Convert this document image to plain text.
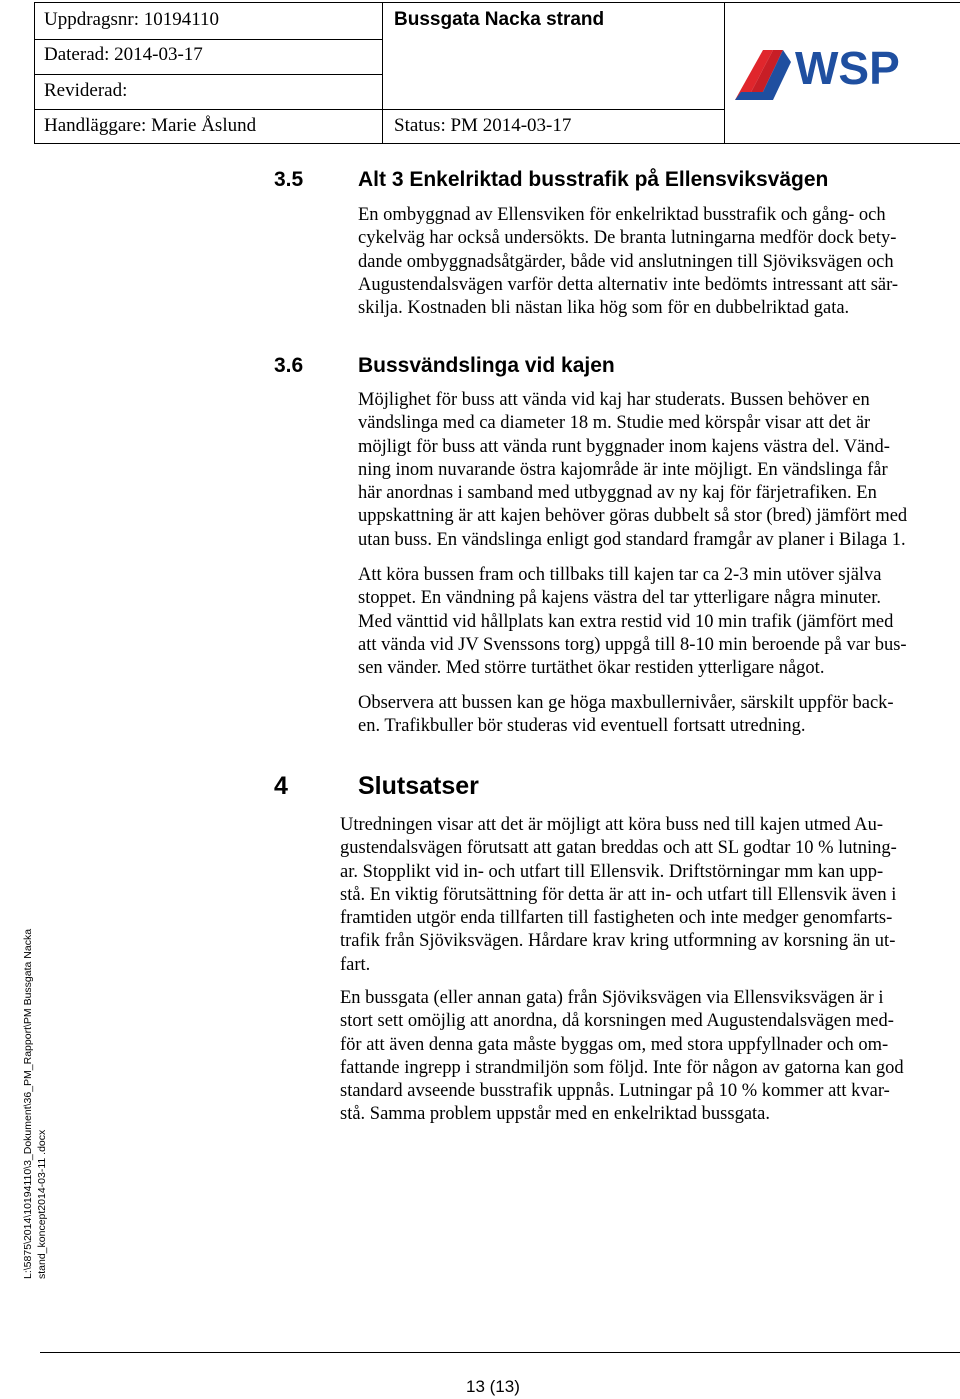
Uppdragsnr: 10194110	Bussgata Nacka strand
Daterad: 2014-03-17
Reviderad:
Handläggare: Marie Åslund	Status: PM 2014-03-17
WSP
3.5	Alt 3 Enkelriktad busstrafik på Ellensviksvägen
En ombyggnad av Ellensviken för enkelriktad busstrafik och gång- och
cykelväg har också undersökts. De branta lutningarna medför dock bety-
dande ombyggnadsåtgärder, både vid anslutningen till Sjöviksvägen och
Augustendalsvägen varför detta alternativ inte bedömts intressant att sär-
skilja. Kostnaden bli nästan lika hög som för en dubbelriktad gata.
3.6	Bussvändslinga vid kajen
Möjlighet för buss att vända vid kaj har studerats. Bussen behöver en
vändslinga med ca diameter 18 m. Studie med körspår visar att det är
möjligt för buss att vända runt byggnader inom kajens västra del. Vänd-
ning inom nuvarande östra kajområde är inte möjligt. En vändslinga får
här anordnas i samband med utbyggnad av ny kaj för färjetrafiken. En
uppskattning är att kajen behöver göras dubbelt så stor (bred) jämfört med
utan buss. En vändslinga enligt god standard framgår av planer i Bilaga 1.
Att köra bussen fram och tillbaks till kajen tar ca 2-3 min utöver själva
stoppet. En vändning på kajens västra del tar ytterligare några minuter.
Med vänttid vid hållplats kan extra restid vid 10 min trafik (jämfört med
att vända vid JV Svenssons torg) uppgå till 8-10 min beroende på var bus-
sen vänder. Med större turtäthet ökar restiden ytterligare något.
Observera att bussen kan ge höga maxbullernivåer, särskilt uppför back-
en. Trafikbuller bör studeras vid eventuell fortsatt utredning.
4	Slutsatser
Utredningen visar att det är möjligt att köra buss ned till kajen utmed Au-
gustendalsvägen förutsatt att gatan breddas och att SL godtar 10 % lutning-
ar. Stopplikt vid in- och utfart till Ellensvik. Driftstörningar mm kan upp-
stå. En viktig förutsättning för detta är att in- och utfart till Ellensvik även i
framtiden utgör enda tillfarten till fastigheten och inte medger genomfarts-
trafik från Sjöviksvägen. Hårdare krav kring utformning av korsning än ut-
fart.
En bussgata (eller annan gata) från Sjöviksvägen via Ellensviksvägen är i
stort sett omöjlig att anordna, då korsningen med Augustendalsvägen med-
för att även denna gata måste byggas om, med stora uppfyllnader och om-
fattande ingrepp i strandmiljön som följd. Inte för någon av gatorna kan god
standard avseende busstrafik uppnås. Lutningar på 10 % kommer att kvar-
stå. Samma problem uppstår med en enkelriktad bussgata.
L:\5875\2014\10194110\3_Dokument\36_PM_Rapport\PM Bussgata Nacka stand_koncept2014-03-11 .docx
13 (13)
